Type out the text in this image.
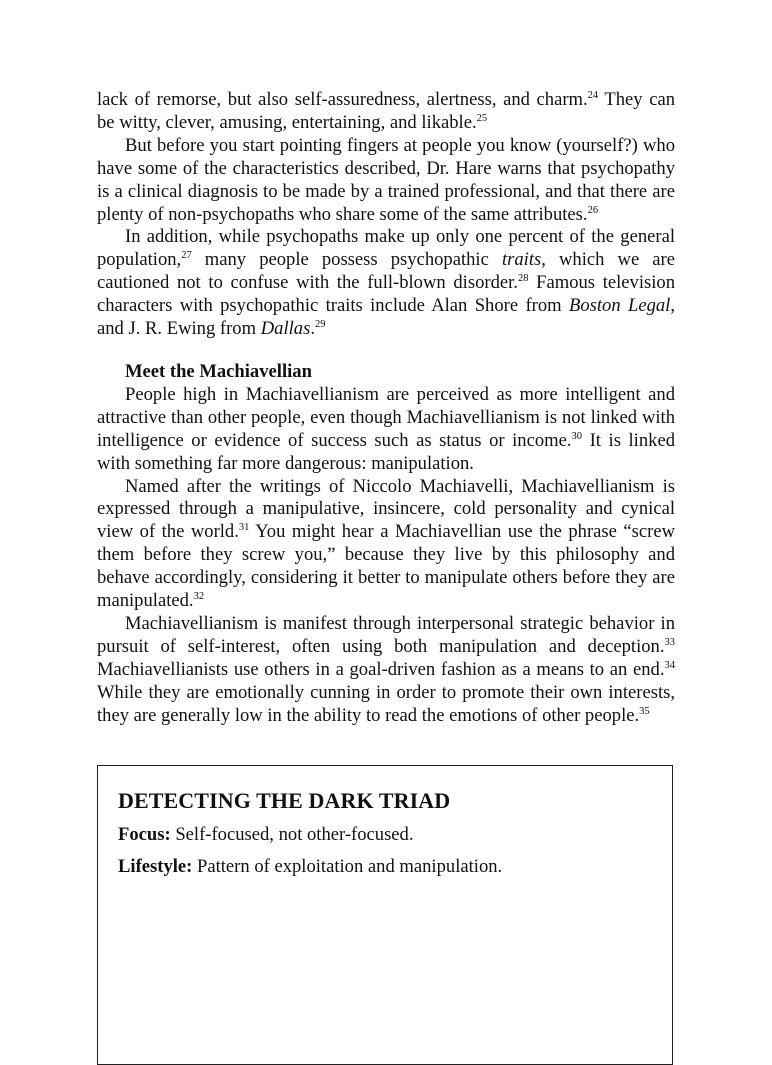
lack of remorse, but also self-assuredness, alertness, and charm.$^{24}$ They can be witty, clever, amusing, entertaining, and likable.$^{25}$

But before you start pointing fingers at people you know (yourself?) who have some of the characteristics described, Dr. Hare warns that psychopathy is a clinical diagnosis to be made by a trained professional, and that there are plenty of non-psychopaths who share some of the same attributes.$^{26}$

In addition, while psychopaths make up only one percent of the general population,$^{27}$ many people possess psychopathic traits, which we are cautioned not to confuse with the full-blown disorder.$^{28}$ Famous television characters with psychopathic traits include Alan Shore from Boston Legal, and J. R. Ewing from Dallas.$^{29}$

Meet the Machiavellian

People high in Machiavellianism are perceived as more intelligent and attractive than other people, even though Machiavellianism is not linked with intelligence or evidence of success such as status or income.$^{30}$ It is linked with something far more dangerous: manipulation.

Named after the writings of Niccolo Machiavelli, Machiavellianism is expressed through a manipulative, insincere, cold personality and cynical view of the world.$^{31}$ You might hear a Machiavellian use the phrase “screw them before they screw you,” because they live by this philosophy and behave accordingly, considering it better to manipulate others before they are manipulated.$^{32}$

Machiavellianism is manifest through interpersonal strategic behavior in pursuit of self-interest, often using both manipulation and deception.$^{33}$ Machiavellianists use others in a goal-driven fashion as a means to an end.$^{34}$ While they are emotionally cunning in order to promote their own interests, they are generally low in the ability to read the emotions of other people.$^{35}$

DETECTING THE DARK TRIAD

Focus: Self-focused, not other-focused.

Lifestyle: Pattern of exploitation and manipulation.
